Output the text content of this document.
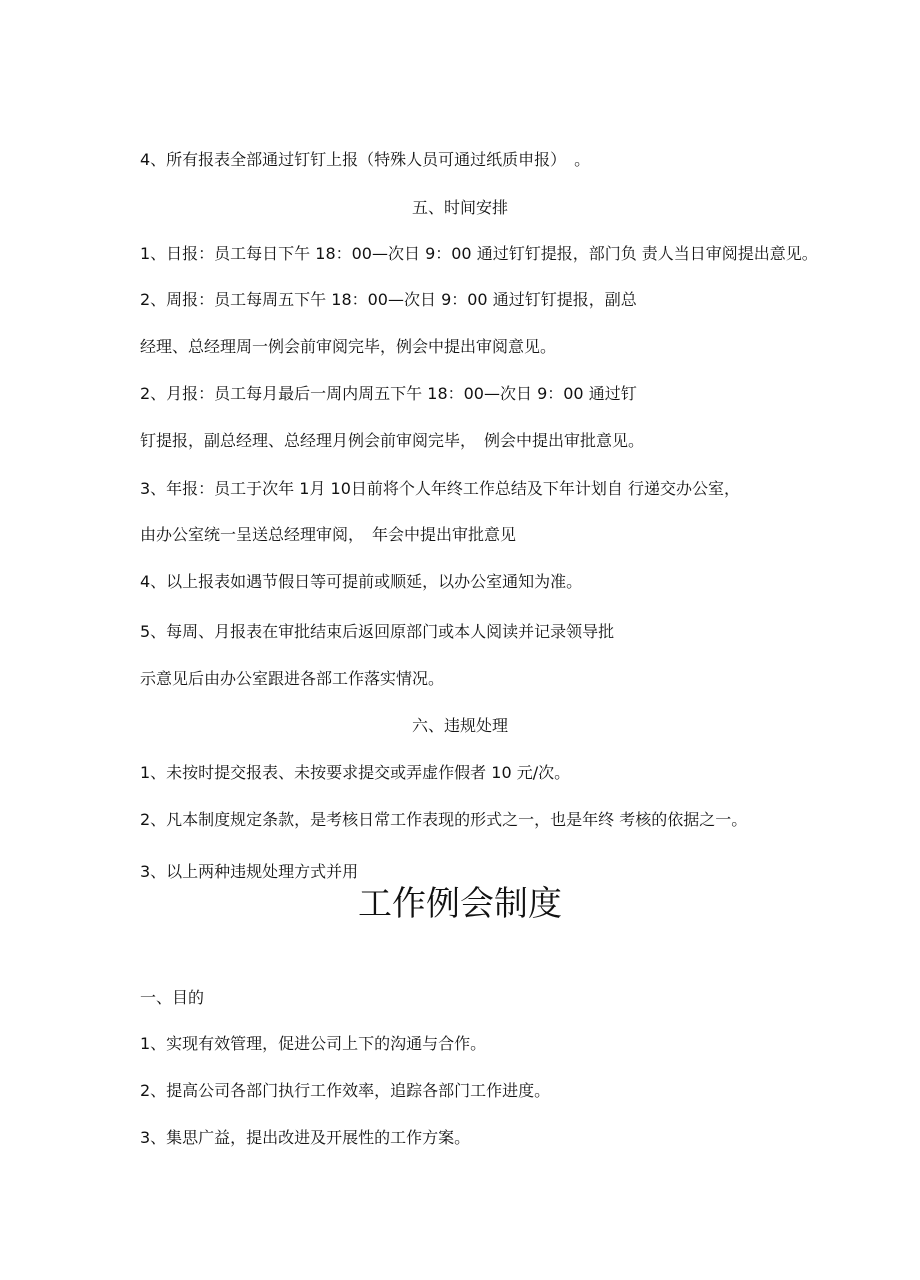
4、所有报表全部通过钉钉上报（特殊人员可通过纸质申报）　。
五、时间安排
1、日报：员工每日下午 18：00—次日 9：00 通过钉钉提报，部门负 责人当日审阅提出意见。
2、周报：员工每周五下午 18：00—次日 9：00 通过钉钉提报，副总
经理、总经理周一例会前审阅完毕，例会中提出审阅意见。
2、月报：员工每月最后一周内周五下午 18：00—次日 9：00 通过钉
钉提报，副总经理、总经理月例会前审阅完毕，　例会中提出审批意见。
3、年报：员工于次年 1月 10日前将个人年终工作总结及下年计划自 行递交办公室，
由办公室统一呈送总经理审阅，　年会中提出审批意见
4、以上报表如遇节假日等可提前或顺延，以办公室通知为准。
5、每周、月报表在审批结束后返回原部门或本人阅读并记录领导批
示意见后由办公室跟进各部工作落实情况。
六、违规处理
1、未按时提交报表、未按要求提交或弄虚作假者 10 元/次。
2、凡本制度规定条款，是考核日常工作表现的形式之一，也是年终 考核的依据之一。
3、以上两种违规处理方式并用
工作例会制度
一、目的
1、实现有效管理，促进公司上下的沟通与合作。
2、提高公司各部门执行工作效率，追踪各部门工作进度。
3、集思广益，提出改进及开展性的工作方案。
